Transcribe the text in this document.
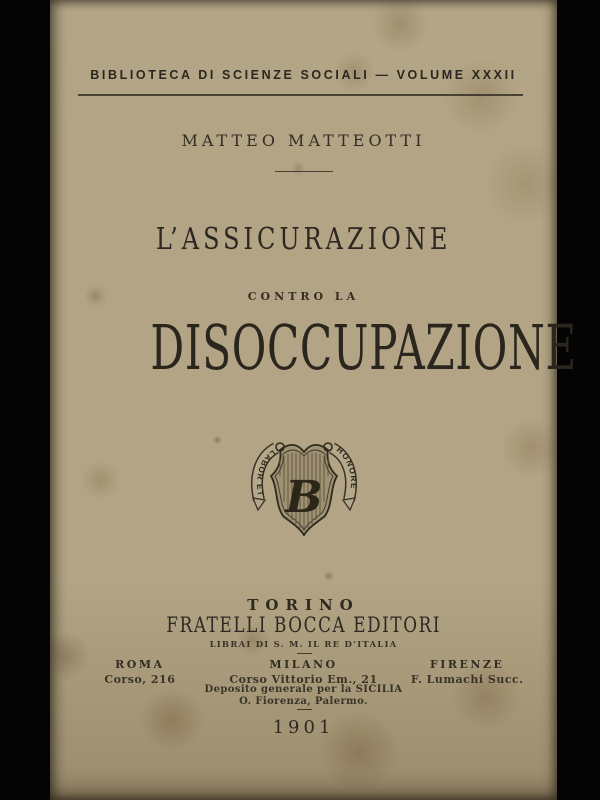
BIBLIOTECA DI SCIENZE SOCIALI — VOLUME XXXII
MATTEO MATTEOTTI
L’ASSICURAZIONE
CONTRO LA
DISOCCUPAZIONE
B
LABOR ET
HONORE
TORINO
FRATELLI BOCCA EDITORI
LIBRAI DI S. M. IL RE D’ITALIA
ROMA
Corso, 216
MILANO
Corso Vittorio Em., 21
FIRENZE
F. Lumachi Succ.
Deposito generale per la SICILIA
O. Fiorenza, Palermo.
1901
